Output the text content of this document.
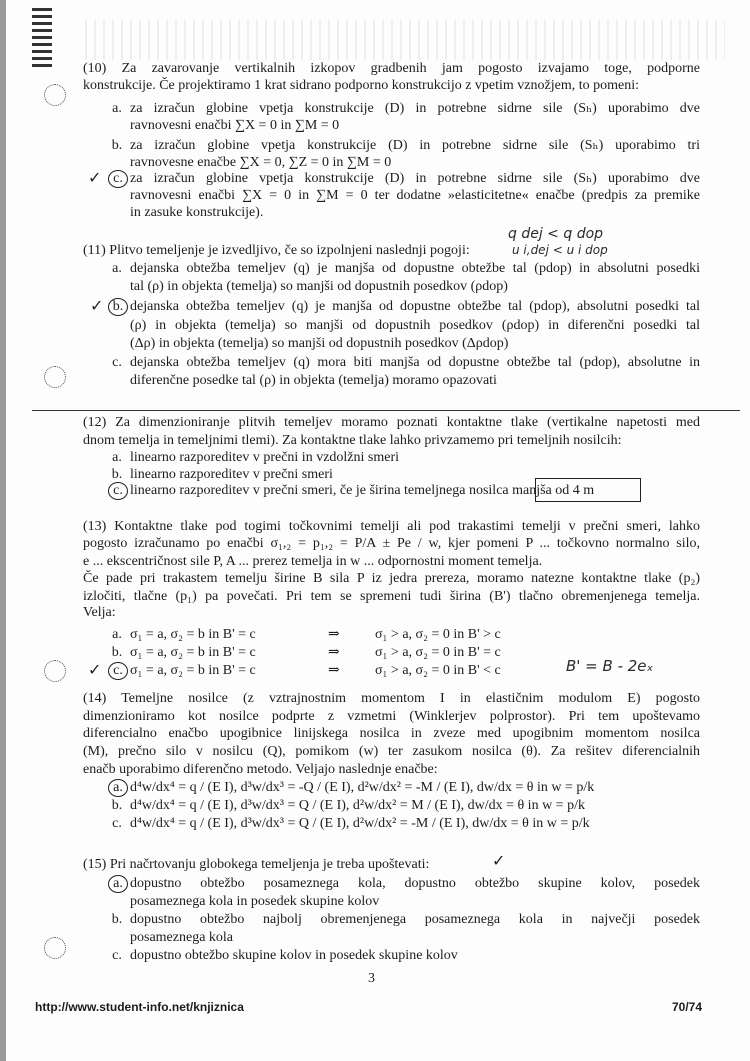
(10) Za zavarovanje vertikalnih izkopov gradbenih jam pogosto izvajamo toge, podporne
konstrukcije. Če projektiramo 1 krat sidrano podporno konstrukcijo z vpetim vznožjem, to pomeni:
a. za izračun globine vpetja konstrukcije (D) in potrebne sidrne sile (Sₕ) uporabimo dve
ravnovesni enačbi ∑X = 0 in ∑M = 0
b. za izračun globine vpetja konstrukcije (D) in potrebne sidrne sile (Sₕ) uporabimo tri
ravnovesne enačbe ∑X = 0, ∑Z = 0 in ∑M = 0
✓ c. za izračun globine vpetja konstrukcije (D) in potrebne sidrne sile (Sₕ) uporabimo dve
ravnovesni enačbi ∑X = 0 in ∑M = 0 ter dodatne »elasticitetne« enačbe (predpis za premike
in zasuke konstrukcije).
(11) Plitvo temeljenje je izvedljivo, če so izpolnjeni naslednji pogoji:
q dej < q dop
u i,dej < u i dop
a. dejanska obtežba temeljev (q) je manjša od dopustne obtežbe tal (pdop) in absolutni posedki
tal (ρ) in objekta (temelja) so manjši od dopustnih posedkov (ρdop)
✓ b. dejanska obtežba temeljev (q) je manjša od dopustne obtežbe tal (pdop), absolutni posedki tal
(ρ) in objekta (temelja) so manjši od dopustnih posedkov (ρdop) in diferenčni posedki tal
(Δρ) in objekta (temelja) so manjši od dopustnih posedkov (Δρdop)
c. dejanska obtežba temeljev (q) mora biti manjša od dopustne obtežbe tal (pdop), absolutne in
diferenčne posedke tal (ρ) in objekta (temelja) moramo opazovati
(12) Za dimenzioniranje plitvih temeljev moramo poznati kontaktne tlake (vertikalne napetosti med
dnom temelja in temeljnimi tlemi). Za kontaktne tlake lahko privzamemo pri temeljnih nosilcih:
a. linearno razporeditev v prečni in vzdolžni smeri
b. linearno razporeditev v prečni smeri
c. linearno razporeditev v prečni smeri, če je širina temeljnega nosilca manjša od 4 m
(13) Kontaktne tlake pod togimi točkovnimi temelji ali pod trakastimi temelji v prečni smeri, lahko
pogosto izračunamo po enačbi σ₁,₂ = p₁,₂ = P/A ± Pe / w, kjer pomeni P ... točkovno normalno silo,
e ... ekscentričnost sile P, A ... prerez temelja in w ... odpornostni moment temelja.
Če pade pri trakastem temelju širine B sila P iz jedra prereza, moramo natezne kontaktne tlake (p₂)
izločiti, tlačne (p₁) pa povečati. Pri tem se spremeni tudi širina (B') tlačno obremenjenega temelja.
Velja:
a. σ₁ = a, σ₂ = b in B' = c	⇒	σ₁ > a, σ₂ = 0 in B' > c
b. σ₁ = a, σ₂ = b in B' = c	⇒	σ₁ > a, σ₂ = 0 in B' = c
✓ c. σ₁ = a, σ₂ = b in B' = c	⇒	σ₁ > a, σ₂ = 0 in B' < c	B' = B - 2eₓ
(14) Temeljne nosilce (z vztrajnostnim momentom I in elastičnim modulom E) pogosto
dimenzioniramo kot nosilce podprte z vzmetmi (Winklerjev polprostor). Pri tem upoštevamo
diferencialno enačbo upogibnice linijskega nosilca in zveze med upogibnim momentom nosilca
(M), prečno silo v nosilcu (Q), pomikom (w) ter zasukom nosilca (θ). Za rešitev diferencialnih
enačb uporabimo diferenčno metodo. Veljajo naslednje enačbe:
a. d⁴w/dx⁴ = q / (E I), d³w/dx³ = -Q / (E I), d²w/dx² = -M / (E I), dw/dx = θ in w = p/k
b. d⁴w/dx⁴ = q / (E I), d³w/dx³ = Q / (E I), d²w/dx² = M / (E I), dw/dx = θ in w = p/k
c. d⁴w/dx⁴ = q / (E I), d³w/dx³ = Q / (E I), d²w/dx² = -M / (E I), dw/dx = θ in w = p/k
(15) Pri načrtovanju globokega temeljenja je treba upoštevati:	✓
a. dopustno obtežbo posameznega kola, dopustno obtežbo skupine kolov, posedek
posameznega kola in posedek skupine kolov
b. dopustno obtežbo najbolj obremenjenega posameznega kola in največji posedek
posameznega kola
c. dopustno obtežbo skupine kolov in posedek skupine kolov
3
http://www.student-info.net/knjiznica	70/74
